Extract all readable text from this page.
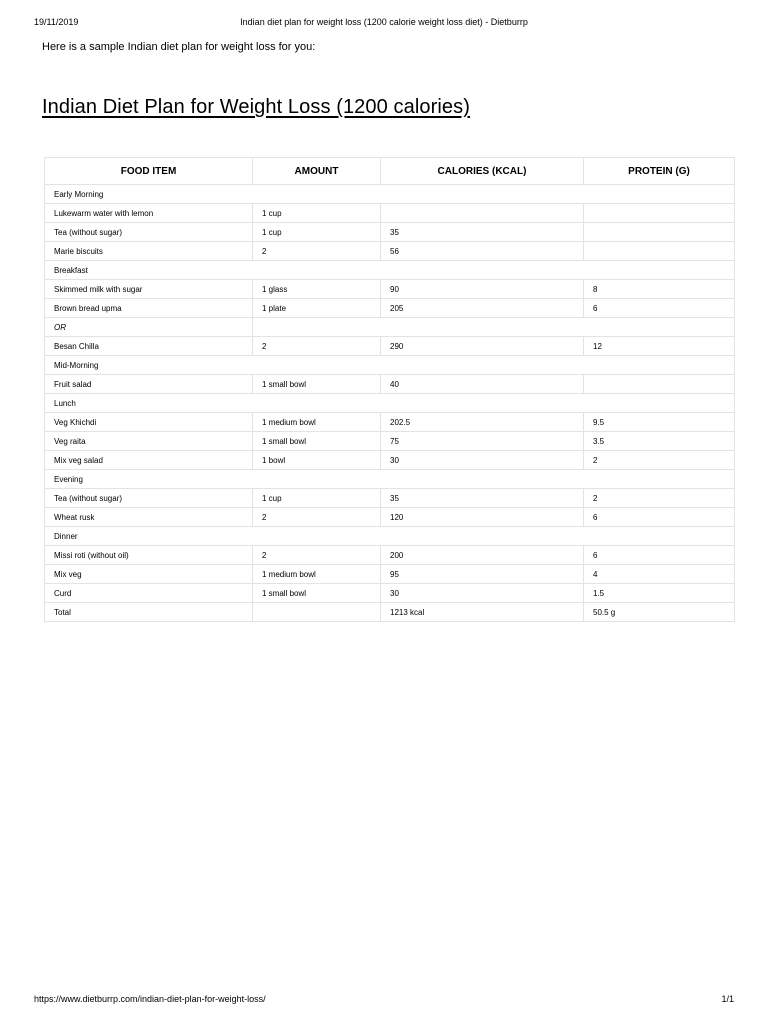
19/11/2019	Indian diet plan for weight loss (1200 calorie weight loss diet) - Dietburrp
Here is a sample Indian diet plan for weight loss for you:
Indian Diet Plan for Weight Loss (1200 calories)
FOOD ITEM	AMOUNT	CALORIES (KCAL)	PROTEIN (G)
Early Morning			
Lukewarm water with lemon	1 cup		
Tea (without sugar)	1 cup	35	
Marie biscuits	2	56	
Breakfast			
Skimmed milk with sugar	1 glass	90	8
Brown bread upma	1 plate	205	6
OR			
Besan Chilla	2	290	12
Mid-Morning			
Fruit salad	1 small bowl	40	
Lunch			
Veg Khichdi	1 medium bowl	202.5	9.5
Veg raita	1 small bowl	75	3.5
Mix veg salad	1 bowl	30	2
Evening			
Tea (without sugar)	1 cup	35	2
Wheat rusk	2	120	6
Dinner			
Missi roti (without oil)	2	200	6
Mix veg	1 medium bowl	95	4
Curd	1 small bowl	30	1.5
Total		1213 kcal	50.5 g
https://www.dietburrp.com/indian-diet-plan-for-weight-loss/	1/1
